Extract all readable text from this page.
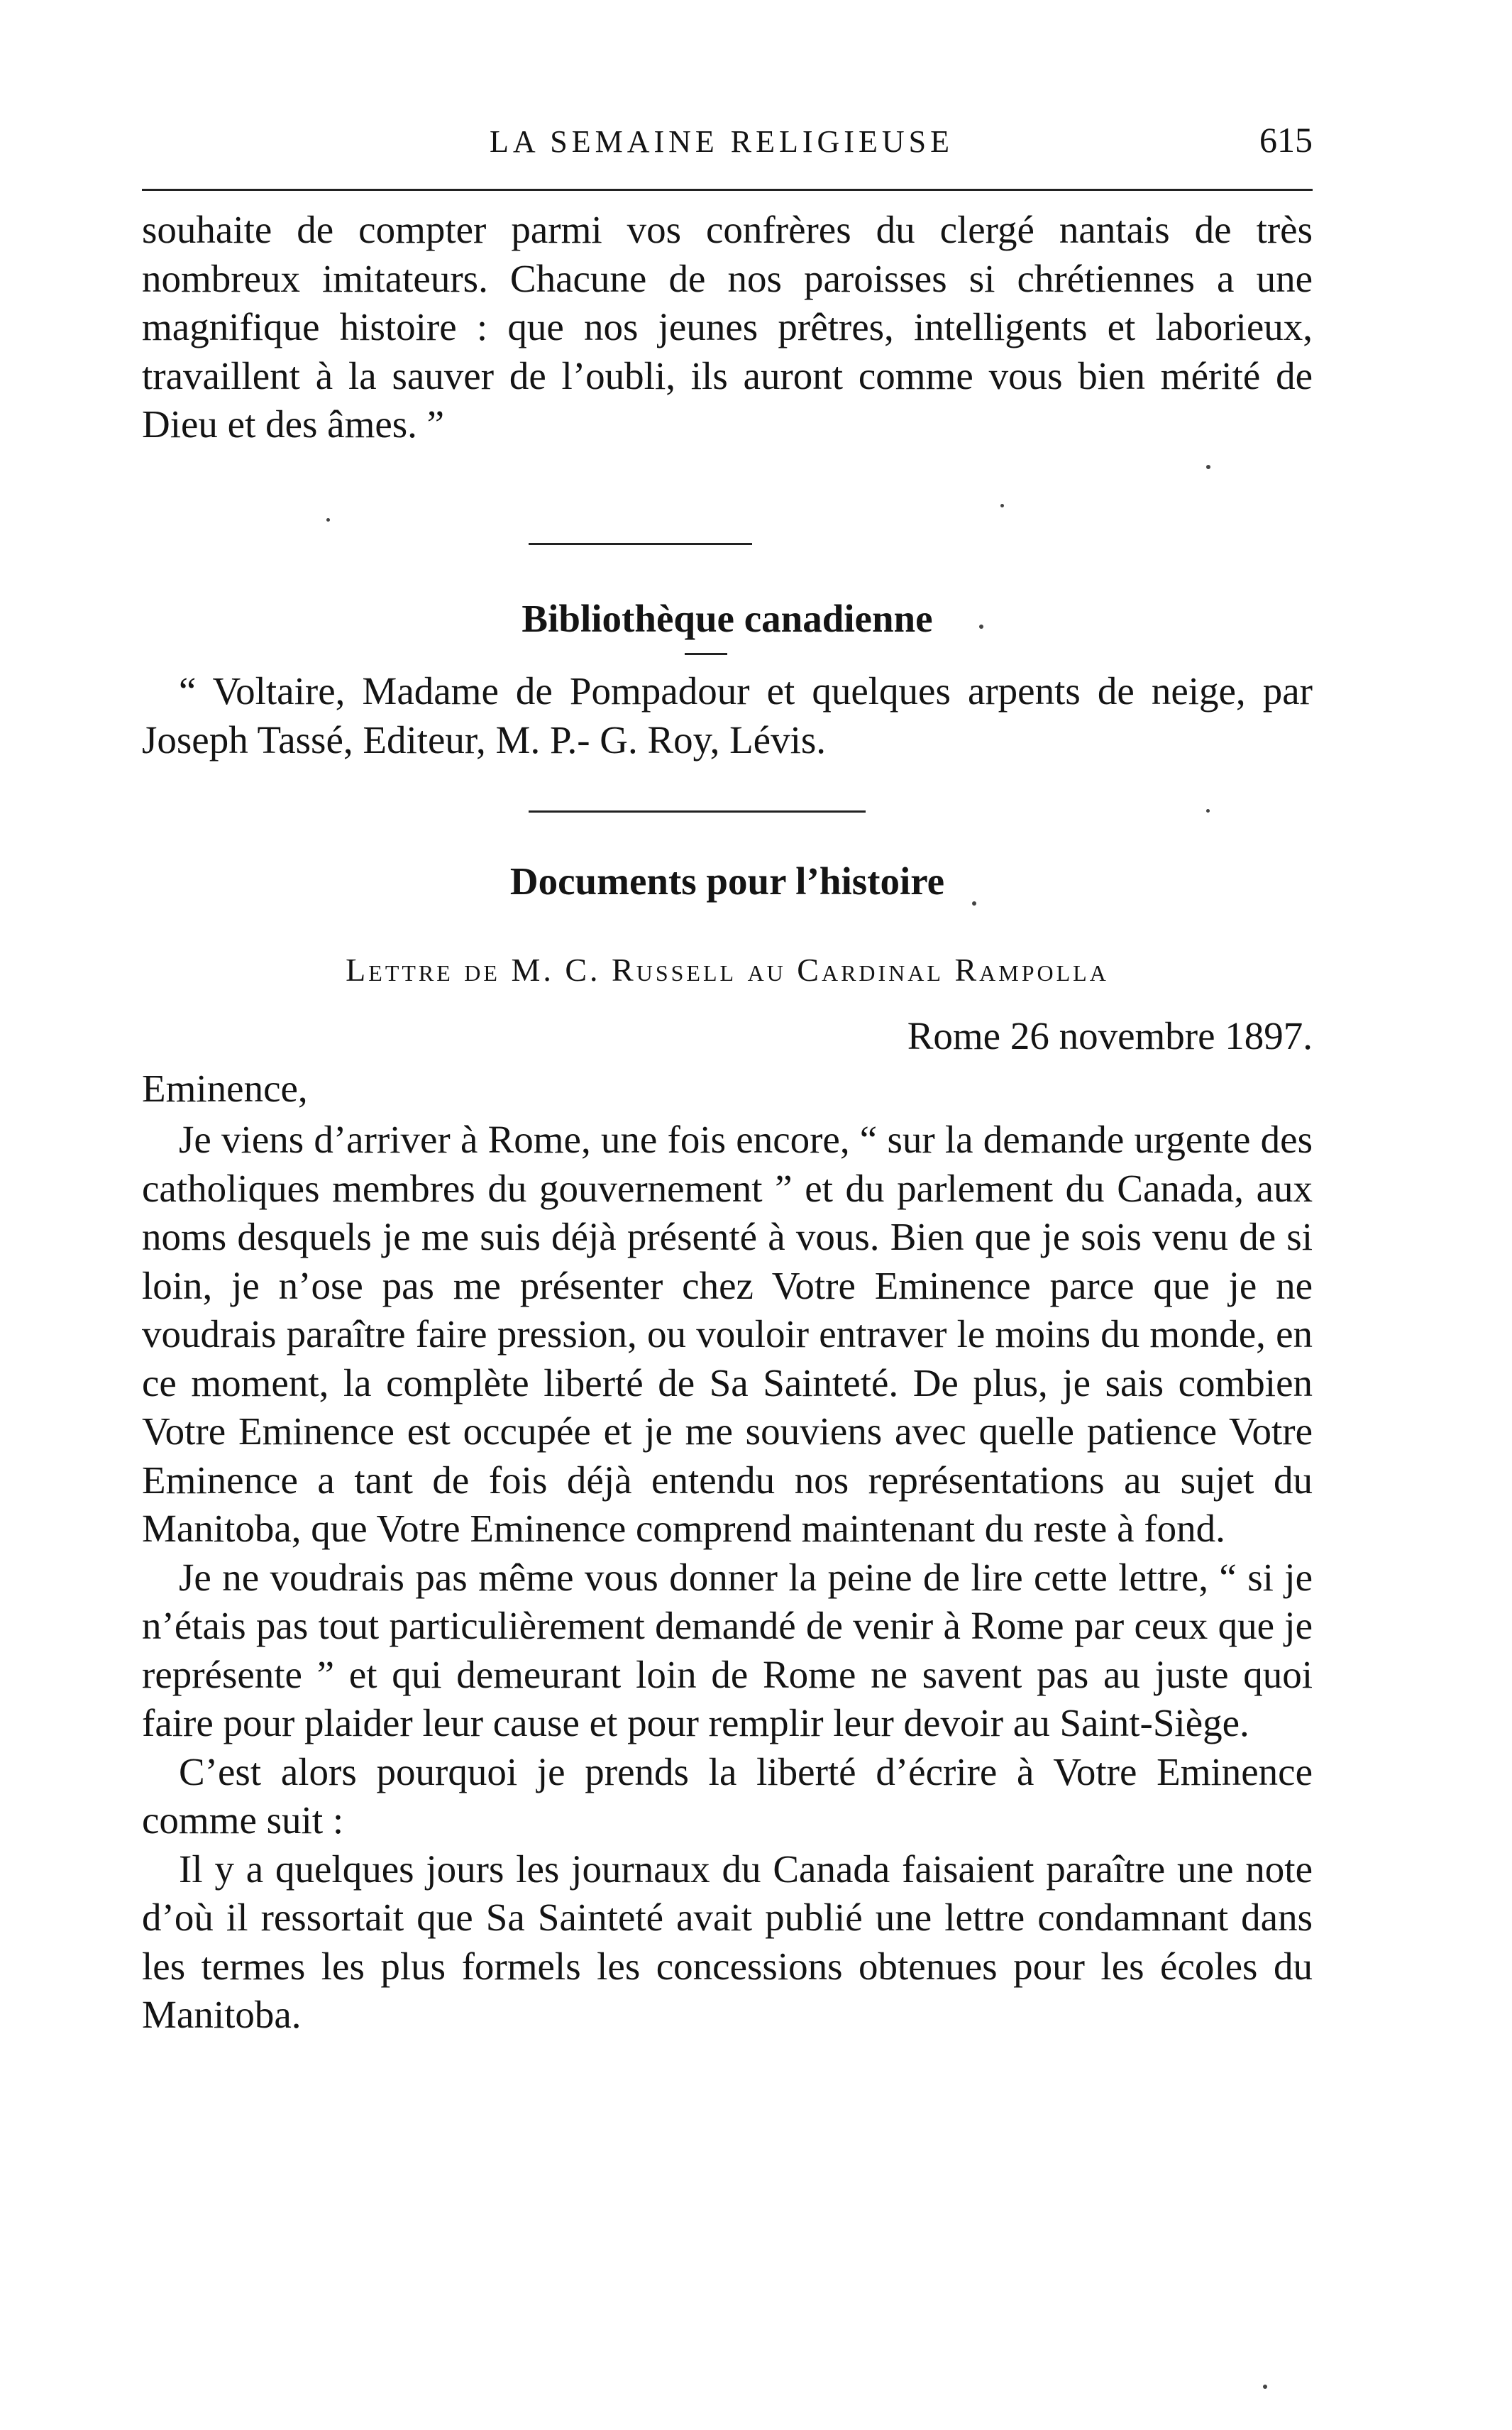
LA SEMAINE RELIGIEUSE	615

souhaite de compter parmi vos confrères du clergé nantais de très nombreux imitateurs. Chacune de nos paroisses si chrétiennes a une magnifique histoire : que nos jeunes prêtres, intelligents et laborieux, travaillent à la sauver de l’oubli, ils auront comme vous bien mérité de Dieu et des âmes. ”

Bibliothèque canadienne

“ Voltaire, Madame de Pompadour et quelques arpents de neige, par Joseph Tassé, Editeur, M. P.- G. Roy, Lévis.

Documents pour l’histoire
Lettre de M. C. Russell au Cardinal Rampolla
Rome 26 novembre 1897.
Eminence,

Je viens d’arriver à Rome, une fois encore, “ sur la demande urgente des catholiques membres du gouvernement ” et du parlement du Canada, aux noms desquels je me suis déjà présenté à vous. Bien que je sois venu de si loin, je n’ose pas me présenter chez Votre Eminence parce que je ne voudrais paraître faire pression, ou vouloir entraver le moins du monde, en ce moment, la complète liberté de Sa Sainteté. De plus, je sais combien Votre Eminence est occupée et je me souviens avec quelle patience Votre Eminence a tant de fois déjà entendu nos représentations au sujet du Manitoba, que Votre Eminence comprend maintenant du reste à fond.

Je ne voudrais pas même vous donner la peine de lire cette lettre, “ si je n’étais pas tout particulièrement demandé de venir à Rome par ceux que je représente ” et qui demeurant loin de Rome ne savent pas au juste quoi faire pour plaider leur cause et pour remplir leur devoir au Saint-Siège.

C’est alors pourquoi je prends la liberté d’écrire à Votre Eminence comme suit :

Il y a quelques jours les journaux du Canada faisaient paraître une note d’où il ressortait que Sa Sainteté avait publié une lettre condamnant dans les termes les plus formels les concessions obtenues pour les écoles du Manitoba.
